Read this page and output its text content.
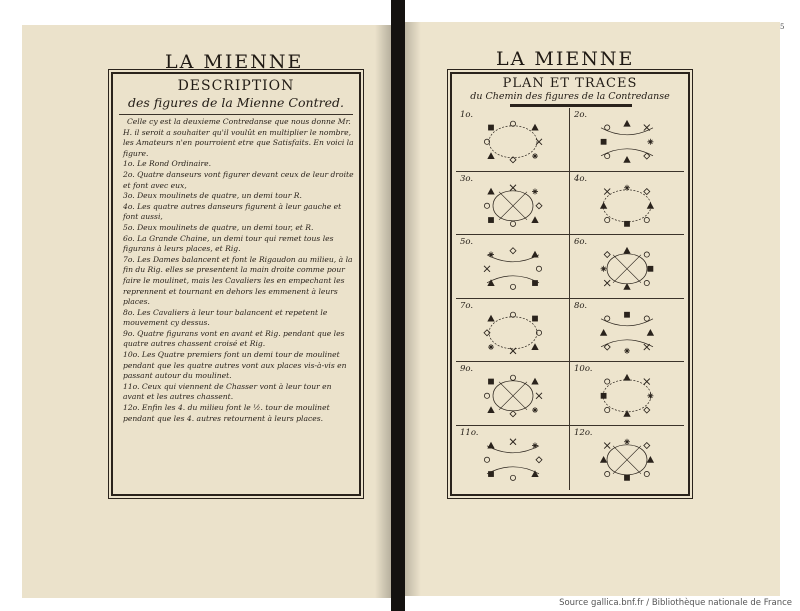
LA MIENNE	LA MIENNE
DESCRIPTION
des figures de la Mienne Contred.

Celle cy est la deuxieme Contredanse que nous donne Mr. H. il seroit a souhaiter qu'il voulût en multiplier le nombre, les Amateurs n'en pourroient etre que Satisfaits. En voici la figure.

1o. Le Rond Ordinaire.

2o. Quatre danseurs vont figurer devant ceux de leur droite et font avec eux,

3o. Deux moulinets de quatre, un demi tour R.

4o. Les quatre autres danseurs figurent à leur gauche et font aussi,

5o. Deux moulinets de quatre, un demi tour, et R.

6o. La Grande Chaine, un demi tour qui remet tous les figurans à leurs places, et Rig.

7o. Les Dames balancent et font le Rigaudon au milieu, à la fin du Rig. elles se presentent la main droite comme pour faire le moulinet, mais les Cavaliers les en empechant les reprennent et tournant en dehors les emmenent à leurs places.

8o. Les Cavaliers à leur tour balancent et repetent le mouvement cy dessus.

9o. Quatre figurans vont en avant et Rig. pendant que les quatre autres chassent croisé et Rig.

10o. Les Quatre premiers font un demi tour de moulinet pendant que les quatre autres vont aux places vis-à-vis en passant autour du moulinet.

11o. Ceux qui viennent de Chasser vont à leur tour en avant et les autres chassent.

12o. Enfin les 4. du milieu font le ½. tour de moulinet pendant que les 4. autres retournent à leurs places.

PLAN ET TRACES
du Chemin des figures de la Contredanse
1o.	2o.
3o.	4o.
5o.	6o.
7o.	8o.
9o.	10o.
11o.	12o.
5
Source gallica.bnf.fr / Bibliothèque nationale de France
